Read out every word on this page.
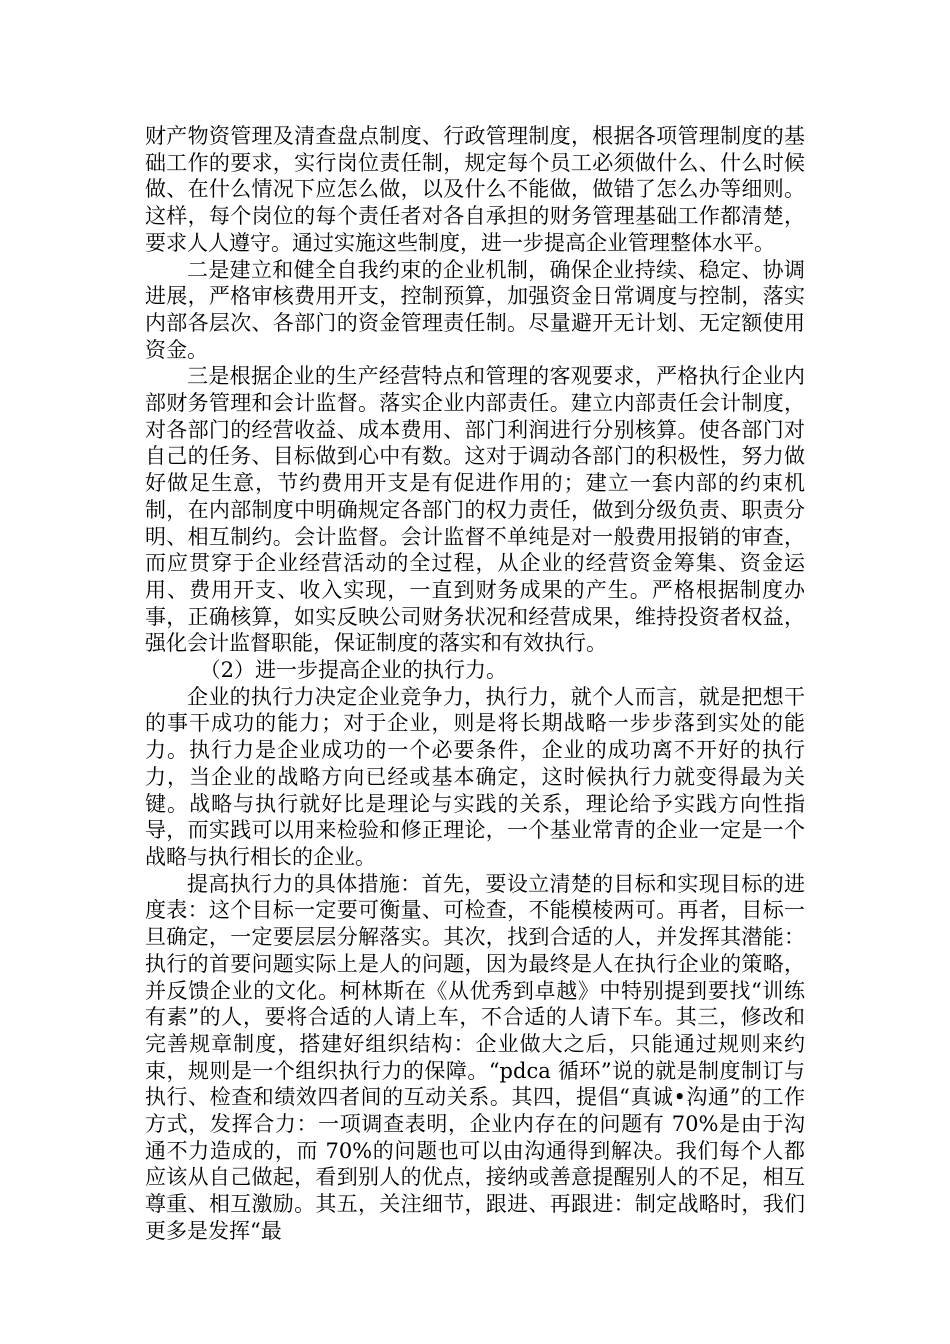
财产物资管理及清查盘点制度、行政管理制度，根据各项管理制度的基础工作的要求，实行岗位责任制，规定每个员工必须做什么、什么时候做、在什么情况下应怎么做，以及什么不能做，做错了怎么办等细则。这样，每个岗位的每个责任者对各自承担的财务管理基础工作都清楚，要求人人遵守。通过实施这些制度，进一步提高企业管理整体水平。

二是建立和健全自我约束的企业机制，确保企业持续、稳定、协调进展，严格审核费用开支，控制预算，加强资金日常调度与控制，落实内部各层次、各部门的资金管理责任制。尽量避开无计划、无定额使用资金。

三是根据企业的生产经营特点和管理的客观要求，严格执行企业内部财务管理和会计监督。落实企业内部责任。建立内部责任会计制度，对各部门的经营收益、成本费用、部门利润进行分别核算。使各部门对自己的任务、目标做到心中有数。这对于调动各部门的积极性，努力做好做足生意，节约费用开支是有促进作用的；建立一套内部的约束机制，在内部制度中明确规定各部门的权力责任，做到分级负责、职责分明、相互制约。会计监督。会计监督不单纯是对一般费用报销的审查，而应贯穿于企业经营活动的全过程，从企业的经营资金筹集、资金运用、费用开支、收入实现，一直到财务成果的产生。严格根据制度办事，正确核算，如实反映公司财务状况和经营成果，维持投资者权益，强化会计监督职能，保证制度的落实和有效执行。

（2）进一步提高企业的执行力。

企业的执行力决定企业竞争力，执行力，就个人而言，就是把想干的事干成功的能力；对于企业，则是将长期战略一步步落到实处的能力。执行力是企业成功的一个必要条件，企业的成功离不开好的执行力，当企业的战略方向已经或基本确定，这时候执行力就变得最为关键。战略与执行就好比是理论与实践的关系，理论给予实践方向性指导，而实践可以用来检验和修正理论，一个基业常青的企业一定是一个战略与执行相长的企业。

提高执行力的具体措施：首先，要设立清楚的目标和实现目标的进度表：这个目标一定要可衡量、可检查，不能模棱两可。再者，目标一旦确定，一定要层层分解落实。其次，找到合适的人，并发挥其潜能：执行的首要问题实际上是人的问题，因为最终是人在执行企业的策略，并反馈企业的文化。柯林斯在《从优秀到卓越》中特别提到要找“训练有素”的人，要将合适的人请上车，不合适的人请下车。其三，修改和完善规章制度，搭建好组织结构：企业做大之后，只能通过规则来约束，规则是一个组织执行力的保障。“pdca 循环”说的就是制度制订与执行、检查和绩效四者间的互动关系。其四，提倡“真诚•沟通”的工作方式，发挥合力：一项调查表明，企业内存在的问题有 70%是由于沟通不力造成的，而 70%的问题也可以由沟通得到解决。我们每个人都应该从自己做起，看到别人的优点，接纳或善意提醒别人的不足，相互尊重、相互激励。其五，关注细节，跟进、再跟进：制定战略时，我们更多是发挥“最
